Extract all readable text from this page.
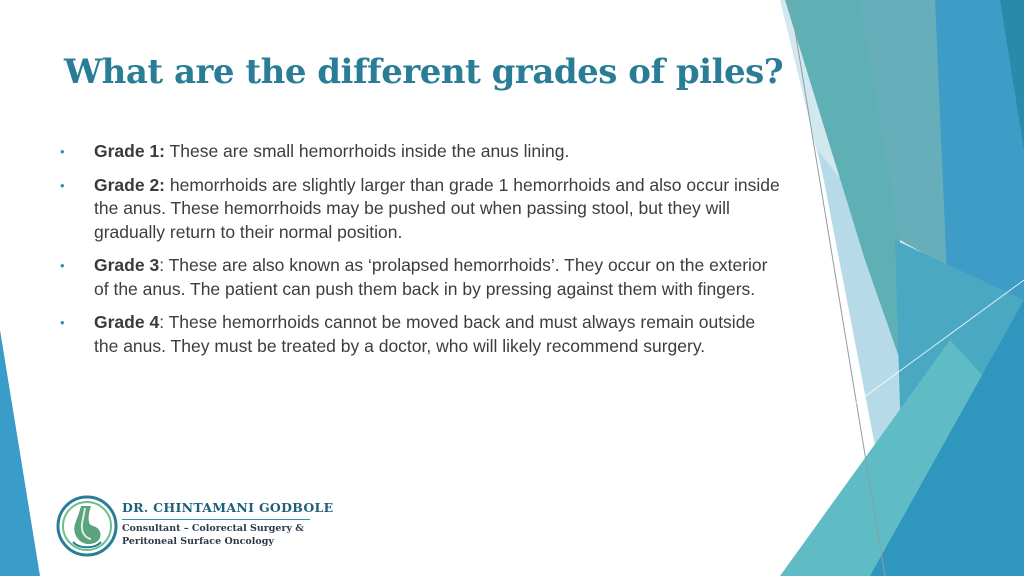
What are the different grades of piles?
• Grade 1: These are small hemorrhoids inside the anus lining.
• Grade 2: hemorrhoids are slightly larger than grade 1 hemorrhoids and also occur inside the anus. These hemorrhoids may be pushed out when passing stool, but they will gradually return to their normal position.
• Grade 3: These are also known as ‘prolapsed hemorrhoids’. They occur on the exterior of the anus. The patient can push them back in by pressing against them with fingers.
• Grade 4: These hemorrhoids cannot be moved back and must always remain outside the anus. They must be treated by a doctor, who will likely recommend surgery.
DR. CHINTAMANI GODBOLE
Consultant – Colorectal Surgery &
Peritoneal Surface Oncology
